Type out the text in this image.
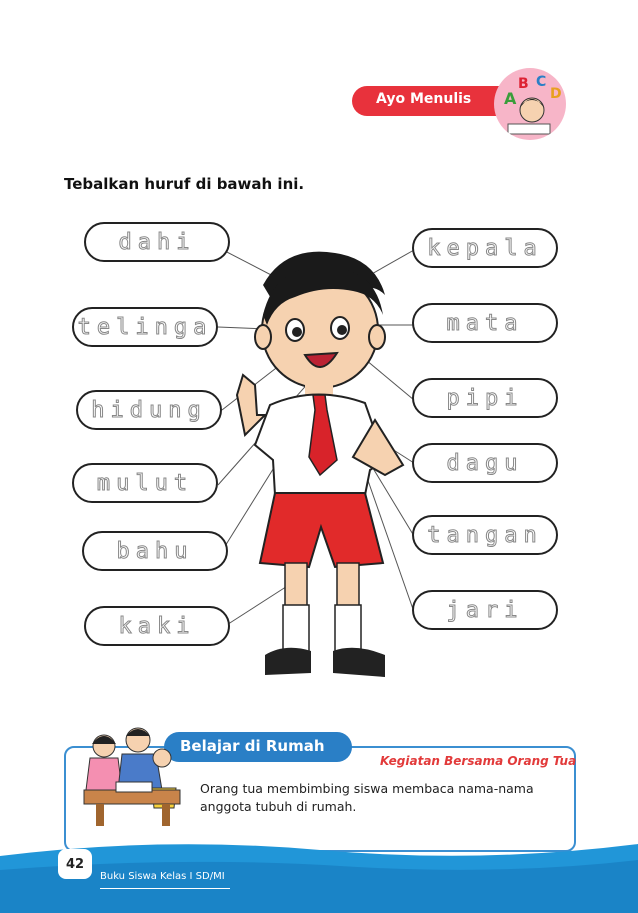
Ayo Menulis A
B C
D
Tebalkan huruf di bawah ini.
dahi
telinga
hidung
mulut
bahu
kaki
kepala
mata
pipi
dagu
tangan
jari
Belajar di Rumah
Kegiatan Bersama Orang Tua
Orang tua membimbing siswa membaca nama-nama anggota tubuh di rumah.
42
Buku Siswa Kelas I SD/MI
